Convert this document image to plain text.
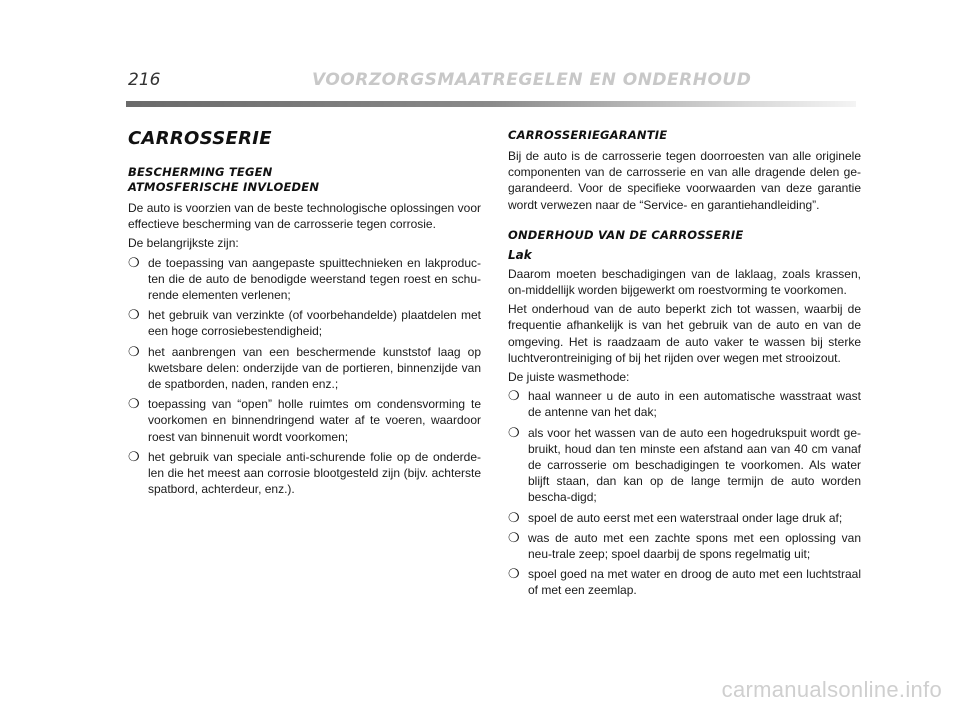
216	VOORZORGSMAATREGELEN EN ONDERHOUD
CARROSSERIE
BESCHERMING TEGEN
ATMOSFERISCHE INVLOEDEN

De auto is voorzien van de beste technologische oplossingen voor effectieve bescherming van de carrosserie tegen corrosie.

De belangrijkste zijn:

❍ de toepassing van aangepaste spuittechnieken en lakproduc-ten die de auto de benodigde weerstand tegen roest en schu-rende elementen verlenen;
❍ het gebruik van verzinkte (of voorbehandelde) plaatdelen met een hoge corrosiebestendigheid;
❍ het aanbrengen van een beschermende kunststof laag op kwetsbare delen: onderzijde van de portieren, binnenzijde van de spatborden, naden, randen enz.;
❍ toepassing van “open” holle ruimtes om condensvorming te voorkomen en binnendringend water af te voeren, waardoor roest van binnenuit wordt voorkomen;
❍ het gebruik van speciale anti-schurende folie op de onderde-len die het meest aan corrosie blootgesteld zijn (bijv. achterste spatbord, achterdeur, enz.).
CARROSSERIEGARANTIE

Bij de auto is de carrosserie tegen doorroesten van alle originele componenten van de carrosserie en van alle dragende delen ge-garandeerd. Voor de specifieke voorwaarden van deze garantie wordt verwezen naar de “Service- en garantiehandleiding”.

ONDERHOUD VAN DE CARROSSERIE
Lak

Daarom moeten beschadigingen van de laklaag, zoals krassen, on-middellijk worden bijgewerkt om roestvorming te voorkomen.

Het onderhoud van de auto beperkt zich tot wassen, waarbij de frequentie afhankelijk is van het gebruik van de auto en van de omgeving. Het is raadzaam de auto vaker te wassen bij sterke luchtverontreiniging of bij het rijden over wegen met strooizout.

De juiste wasmethode:

❍ haal wanneer u de auto in een automatische wasstraat wast de antenne van het dak;
❍ als voor het wassen van de auto een hogedrukspuit wordt ge-bruikt, houd dan ten minste een afstand aan van 40 cm vanaf de carrosserie om beschadigingen te voorkomen. Als water blijft staan, dan kan op de lange termijn de auto worden bescha-digd;
❍ spoel de auto eerst met een waterstraal onder lage druk af;
❍ was de auto met een zachte spons met een oplossing van neu-trale zeep; spoel daarbij de spons regelmatig uit;
❍ spoel goed na met water en droog de auto met een luchtstraal of met een zeemlap.
carmanualsonline.info
